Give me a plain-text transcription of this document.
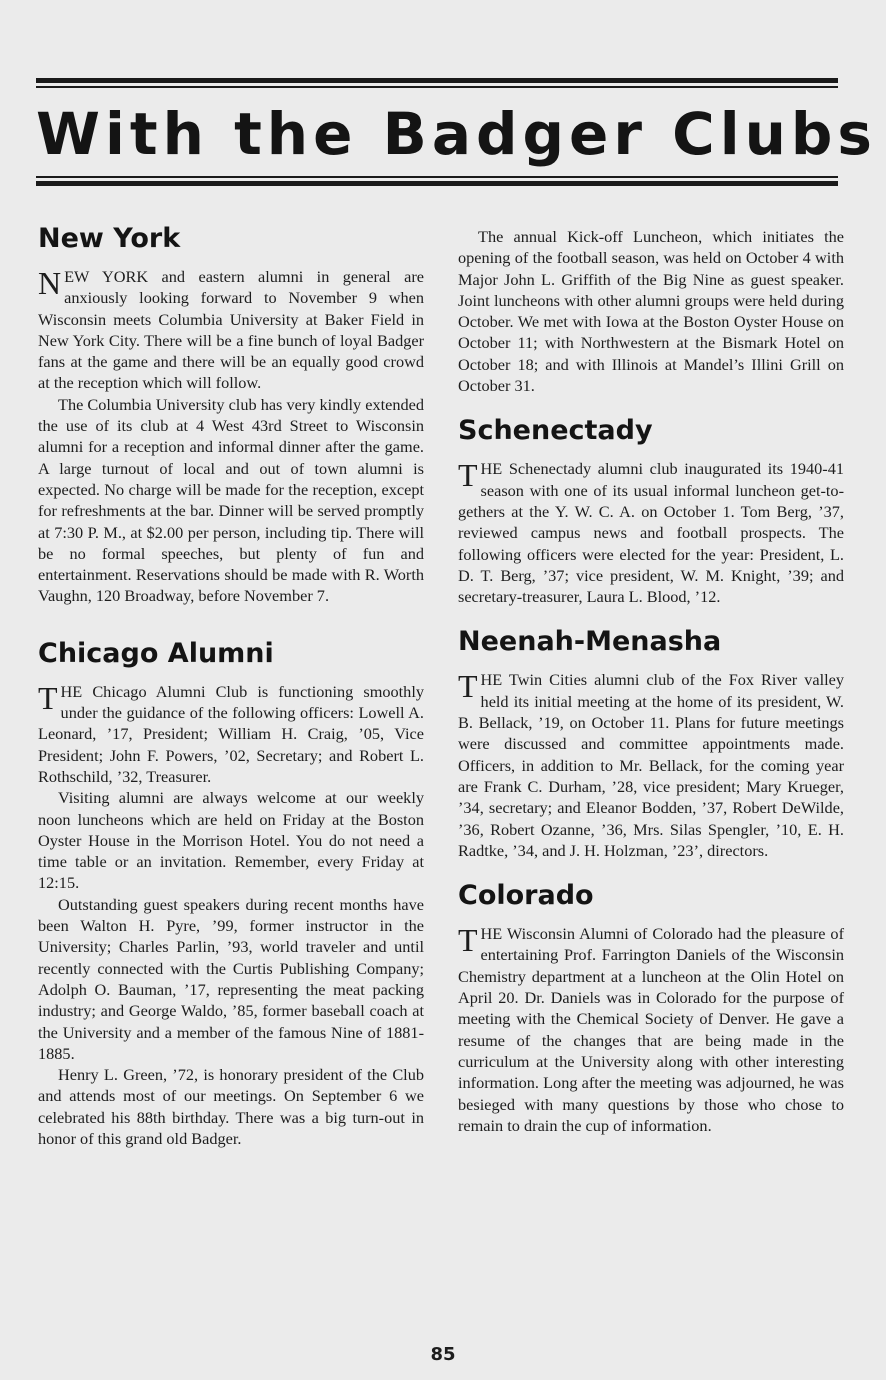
With the Badger Clubs
New York

NEW YORK and eastern alumni in general are anxiously looking forward to November 9 when Wisconsin meets Columbia University at Baker Field in New York City. There will be a fine bunch of loyal Badger fans at the game and there will be an equally good crowd at the reception which will follow.

The Columbia University club has very kindly extended the use of its club at 4 West 43rd Street to Wisconsin alumni for a reception and informal dinner after the game. A large turnout of local and out of town alumni is expected. No charge will be made for the reception, except for refreshments at the bar. Dinner will be served promptly at 7:30 P. M., at $2.00 per person, including tip. There will be no formal speeches, but plenty of fun and entertainment. Reservations should be made with R. Worth Vaughn, 120 Broadway, before November 7.

Chicago Alumni

THE Chicago Alumni Club is functioning smoothly under the guidance of the following officers: Lowell A. Leonard, ’17, President; William H. Craig, ’05, Vice President; John F. Powers, ’02, Secretary; and Robert L. Rothschild, ’32, Treasurer.

Visiting alumni are always welcome at our weekly noon luncheons which are held on Friday at the Boston Oyster House in the Morrison Hotel. You do not need a time table or an invitation. Remember, every Friday at 12:15.

Outstanding guest speakers during recent months have been Walton H. Pyre, ’99, former instructor in the University; Charles Parlin, ’93, world traveler and until recently connected with the Curtis Publishing Company; Adolph O. Bauman, ’17, representing the meat packing industry; and George Waldo, ’85, former baseball coach at the University and a member of the famous Nine of 1881-1885.

Henry L. Green, ’72, is honorary president of the Club and attends most of our meetings. On September 6 we celebrated his 88th birthday. There was a big turn-out in honor of this grand old Badger.

The annual Kick-off Luncheon, which initiates the opening of the football season, was held on October 4 with Major John L. Griffith of the Big Nine as guest speaker. Joint luncheons with other alumni groups were held during October. We met with Iowa at the Boston Oyster House on October 11; with Northwestern at the Bismark Hotel on October 18; and with Illinois at Mandel’s Illini Grill on October 31.

Schenectady

THE Schenectady alumni club inaugurated its 1940-41 season with one of its usual informal luncheon get-to-gethers at the Y. W. C. A. on October 1. Tom Berg, ’37, reviewed campus news and football prospects. The following officers were elected for the year: President, L. D. T. Berg, ’37; vice president, W. M. Knight, ’39; and secretary-treasurer, Laura L. Blood, ’12.

Neenah-Menasha

THE Twin Cities alumni club of the Fox River valley held its initial meeting at the home of its president, W. B. Bellack, ’19, on October 11. Plans for future meetings were discussed and committee appointments made. Officers, in addition to Mr. Bellack, for the coming year are Frank C. Durham, ’28, vice president; Mary Krueger, ’34, secretary; and Eleanor Bodden, ’37, Robert DeWilde, ’36, Robert Ozanne, ’36, Mrs. Silas Spengler, ’10, E. H. Radtke, ’34, and J. H. Holzman, ’23’, directors.

Colorado

THE Wisconsin Alumni of Colorado had the pleasure of entertaining Prof. Farrington Daniels of the Wisconsin Chemistry department at a luncheon at the Olin Hotel on April 20. Dr. Daniels was in Colorado for the purpose of meeting with the Chemical Society of Denver. He gave a resume of the changes that are being made in the curriculum at the University along with other interesting information. Long after the meeting was adjourned, he was besieged with many questions by those who chose to remain to drain the cup of information.

85
